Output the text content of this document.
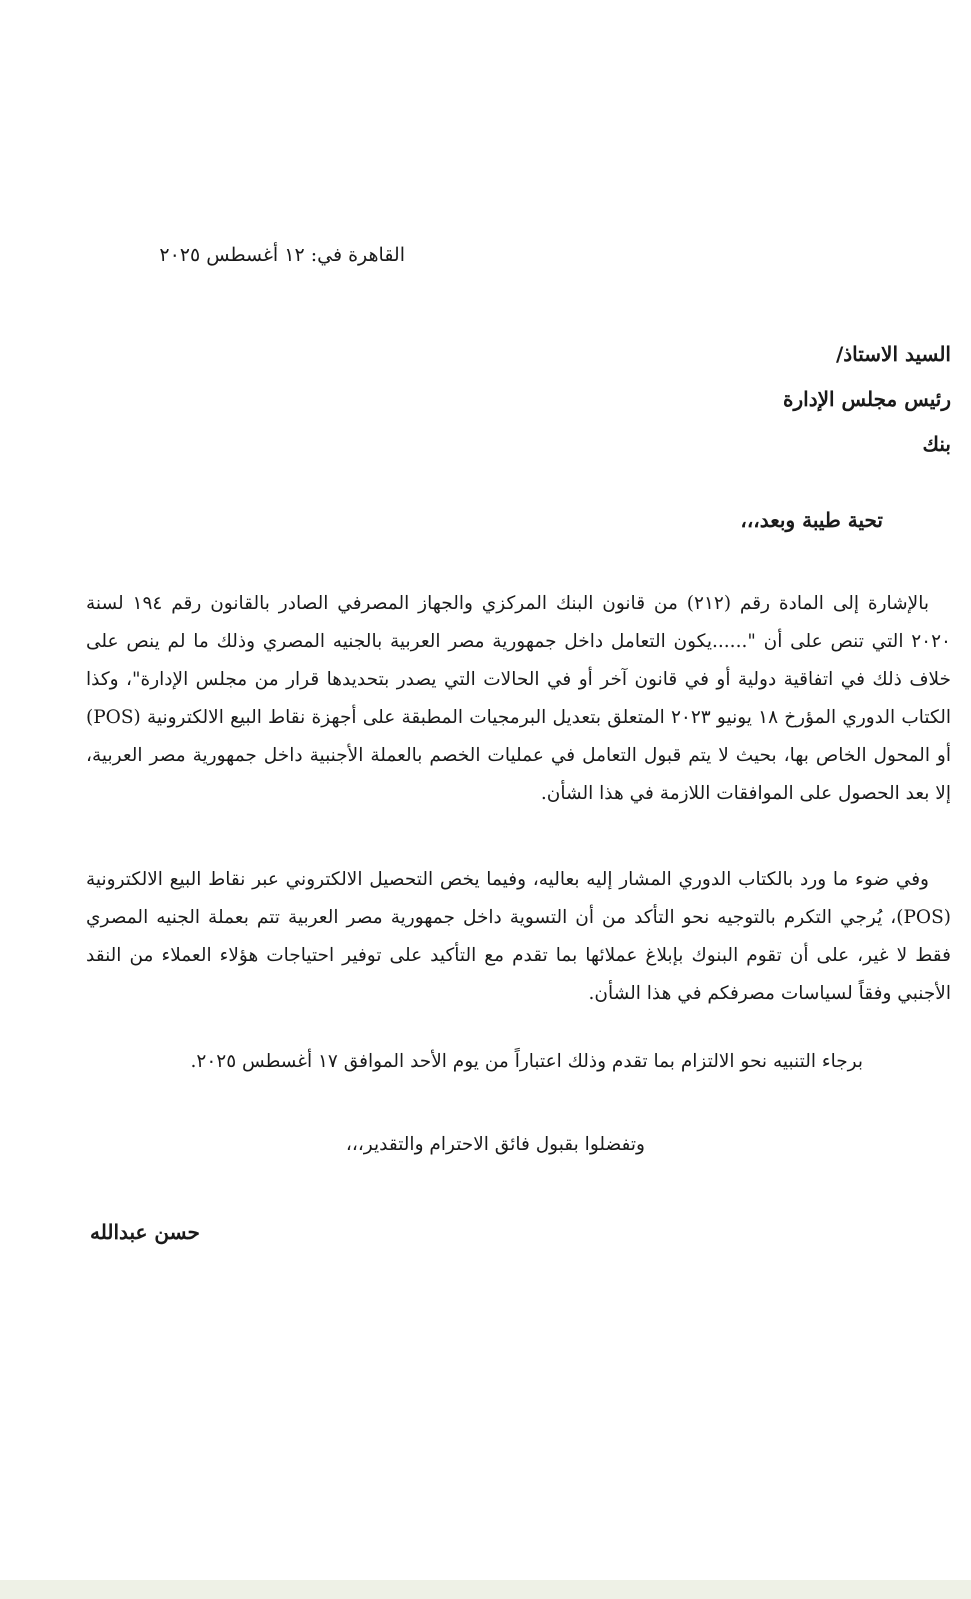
القاهرة في: ١٢ أغسطس ٢٠٢٥
السيد الاستاذ/
رئيس مجلس الإدارة
بنك
تحية طيبة وبعد،،،

بالإشارة إلى المادة رقم (٢١٢) من قانون البنك المركزي والجهاز المصرفي الصادر بالقانون رقم ١٩٤ لسنة ٢٠٢٠ التي تنص على أن "......يكون التعامل داخل جمهورية مصر العربية بالجنيه المصري وذلك ما لم ينص على خلاف ذلك في اتفاقية دولية أو في قانون آخر أو في الحالات التي يصدر بتحديدها قرار من مجلس الإدارة"، وكذا الكتاب الدوري المؤرخ ١٨ يونيو ٢٠٢٣ المتعلق بتعديل البرمجيات المطبقة على أجهزة نقاط البيع الالكترونية (POS) أو المحول الخاص بها، بحيث لا يتم قبول التعامل في عمليات الخصم بالعملة الأجنبية داخل جمهورية مصر العربية، إلا بعد الحصول على الموافقات اللازمة في هذا الشأن.

وفي ضوء ما ورد بالكتاب الدوري المشار إليه بعاليه، وفيما يخص التحصيل الالكتروني عبر نقاط البيع الالكترونية (POS)، يُرجي التكرم بالتوجيه نحو التأكد من أن التسوية داخل جمهورية مصر العربية تتم بعملة الجنيه المصري فقط لا غير، على أن تقوم البنوك بإبلاغ عملائها بما تقدم مع التأكيد على توفير احتياجات هؤلاء العملاء من النقد الأجنبي وفقاً لسياسات مصرفكم في هذا الشأن.

برجاء التنبيه نحو الالتزام بما تقدم وذلك اعتباراً من يوم الأحد الموافق ١٧ أغسطس ٢٠٢٥.
وتفضلوا بقبول فائق الاحترام والتقدير،،،
حسن عبدالله
